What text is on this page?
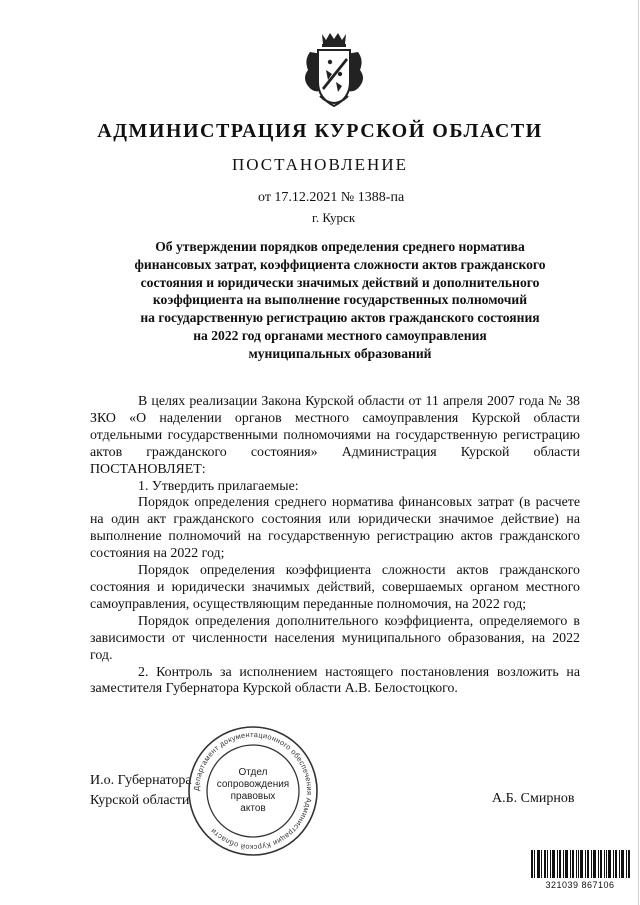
АДМИНИСТРАЦИЯ КУРСКОЙ ОБЛАСТИ
ПОСТАНОВЛЕНИЕ
от 17.12.2021 № 1388-па
г. Курск
Об утверждении порядков определения среднего норматива
финансовых затрат, коэффициента сложности актов гражданского
состояния и юридически значимых действий и дополнительного
коэффициента на выполнение государственных полномочий
на государственную регистрацию актов гражданского состояния
на 2022 год органами местного самоуправления
муниципальных образований
В целях реализации Закона Курской области от 11 апреля 2007 года № 38 ЗКО «О наделении органов местного самоуправления Курской области отдельными государственными полномочиями на государственную регистрацию актов гражданского состояния» Администрация Курской области ПОСТАНОВЛЯЕТ:
1. Утвердить прилагаемые:
Порядок определения среднего норматива финансовых затрат (в расчете на один акт гражданского состояния или юридически значимое действие) на выполнение полномочий на государственную регистрацию актов гражданского состояния на 2022 год;
Порядок определения коэффициента сложности актов гражданского состояния и юридически значимых действий, совершаемых органом местного самоуправления, осуществляющим переданные полномочия, на 2022 год;
Порядок определения дополнительного коэффициента, определяемого в зависимости от численности населения муниципального образования, на 2022 год.
2. Контроль за исполнением настоящего постановления возложить на заместителя Губернатора Курской области А.В. Белостоцкого.
И.о. Губернатора
Курской области	А.Б. Смирнов
Департамент документационного обеспечения Администрации Курской области
Отдел
сопровождения
правовых
актов
321039 867106
